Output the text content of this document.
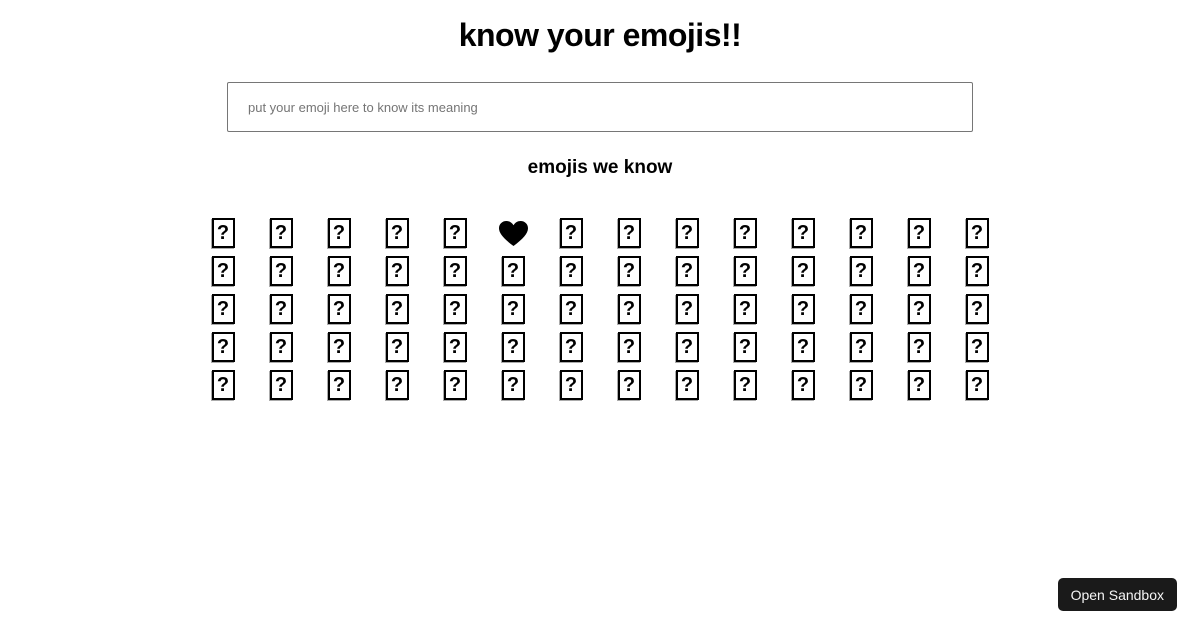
know your emojis!!
put your emoji here to know its meaning
emojis we know
? ? ? ? ?	? ? ? ? ? ? ? ?
? ? ? ? ? ? ? ? ? ? ? ? ? ?
? ? ? ? ? ? ? ? ? ? ? ? ? ?
? ? ? ? ? ? ? ? ? ? ? ? ? ?
? ? ? ? ? ? ? ? ? ? ? ? ? ?
Open Sandbox
